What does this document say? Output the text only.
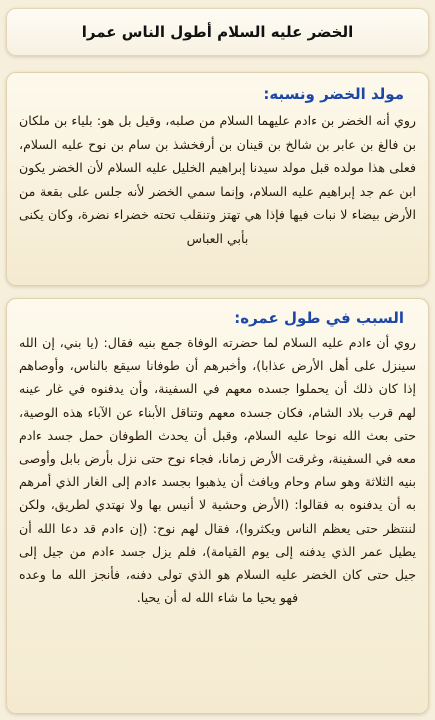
الخضر عليه السلام أطول الناس عمرا
مولد الخضر ونسبه:

روي أنه الخضر بن ءادم عليهما السلام من صلبه، وقيل بل هو: بلياء بن ملكان بن فالغ بن عابر بن شالخ بن قينان بن أرفخشذ بن سام بن نوح عليه السلام، فعلى هذا مولده قبل مولد سيدنا إبراهيم الخليل عليه السلام لأن الخضر يكون ابن عم جد إبراهيم عليه السلام، وإنما سمي الخضر لأنه جلس على بقعة من الأرض بيضاء لا نبات فيها فإذا هي تهتز وتنقلب تحته خضراء نضرة، وكان يكنى بأبي العباس

السبب في طول عمره:

روي أن ءادم عليه السلام لما حضرته الوفاة جمع بنيه فقال: (يا بني، إن الله سينزل على أهل الأرض عذابا)، وأخبرهم أن طوفانا سيقع بالناس، وأوصاهم إذا كان ذلك أن يحملوا جسده معهم في السفينة، وأن يدفنوه في غار عينه لهم قرب بلاد الشام، فكان جسده معهم وتناقل الأبناء عن الآباء هذه الوصية، حتى بعث الله نوحا عليه السلام، وقبل أن يحدث الطوفان حمل جسد ءادم معه في السفينة، وغرقت الأرض زمانا، فجاء نوح حتى نزل بأرض بابل وأوصى بنيه الثلاثة وهو سام وحام ويافث أن يذهبوا بجسد ءادم إلى الغار الذي أمرهم به أن يدفنوه به فقالوا: (الأرض وحشية لا أنيس بها ولا نهتدي لطريق، ولكن لننتظر حتى يعظم الناس ويكثروا)، فقال لهم نوح: (إن ءادم قد دعا الله أن يطيل عمر الذي يدفنه إلى يوم القيامة)، فلم يزل جسد ءادم من جيل إلى جيل حتى كان الخضر عليه السلام هو الذي تولى دفنه، فأنجز الله ما وعده فهو يحيا ما شاء الله له أن يحيا.
